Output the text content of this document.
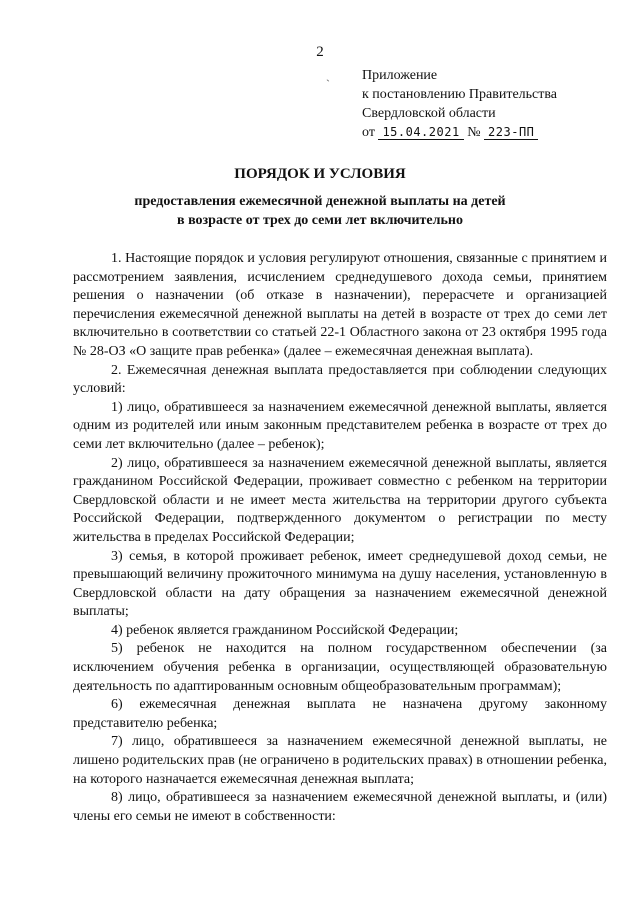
2
ˏ Приложение
к постановлению Правительства
Свердловской области
от 15.04.2021 № 223-ПП
ПОРЯДОК И УСЛОВИЯ
предоставления ежемесячной денежной выплаты на детей
в возрасте от трех до семи лет включительно

1. Настоящие порядок и условия регулируют отношения, связанные с принятием и рассмотрением заявления, исчислением среднедушевого дохода семьи, принятием решения о назначении (об отказе в назначении), перерасчете и организацией перечисления ежемесячной денежной выплаты на детей в возрасте от трех до семи лет включительно в соответствии со статьей 22-1 Областного закона от 23 октября 1995 года № 28-ОЗ «О защите прав ребенка» (далее – ежемесячная денежная выплата).

2. Ежемесячная денежная выплата предоставляется при соблюдении следующих условий:

1) лицо, обратившееся за назначением ежемесячной денежной выплаты, является одним из родителей или иным законным представителем ребенка в возрасте от трех до семи лет включительно (далее – ребенок);

2) лицо, обратившееся за назначением ежемесячной денежной выплаты, является гражданином Российской Федерации, проживает совместно с ребенком на территории Свердловской области и не имеет места жительства на территории другого субъекта Российской Федерации, подтвержденного документом о регистрации по месту жительства в пределах Российской Федерации;

3) семья, в которой проживает ребенок, имеет среднедушевой доход семьи, не превышающий величину прожиточного минимума на душу населения, установленную в Свердловской области на дату обращения за назначением ежемесячной денежной выплаты;

4) ребенок является гражданином Российской Федерации;

5) ребенок не находится на полном государственном обеспечении (за исключением обучения ребенка в организации, осуществляющей образовательную деятельность по адаптированным основным общеобразовательным программам);

6) ежемесячная денежная выплата не назначена другому законному представителю ребенка;

7) лицо, обратившееся за назначением ежемесячной денежной выплаты, не лишено родительских прав (не ограничено в родительских правах) в отношении ребенка, на которого назначается ежемесячная денежная выплата;

8) лицо, обратившееся за назначением ежемесячной денежной выплаты, и (или) члены его семьи не имеют в собственности:
